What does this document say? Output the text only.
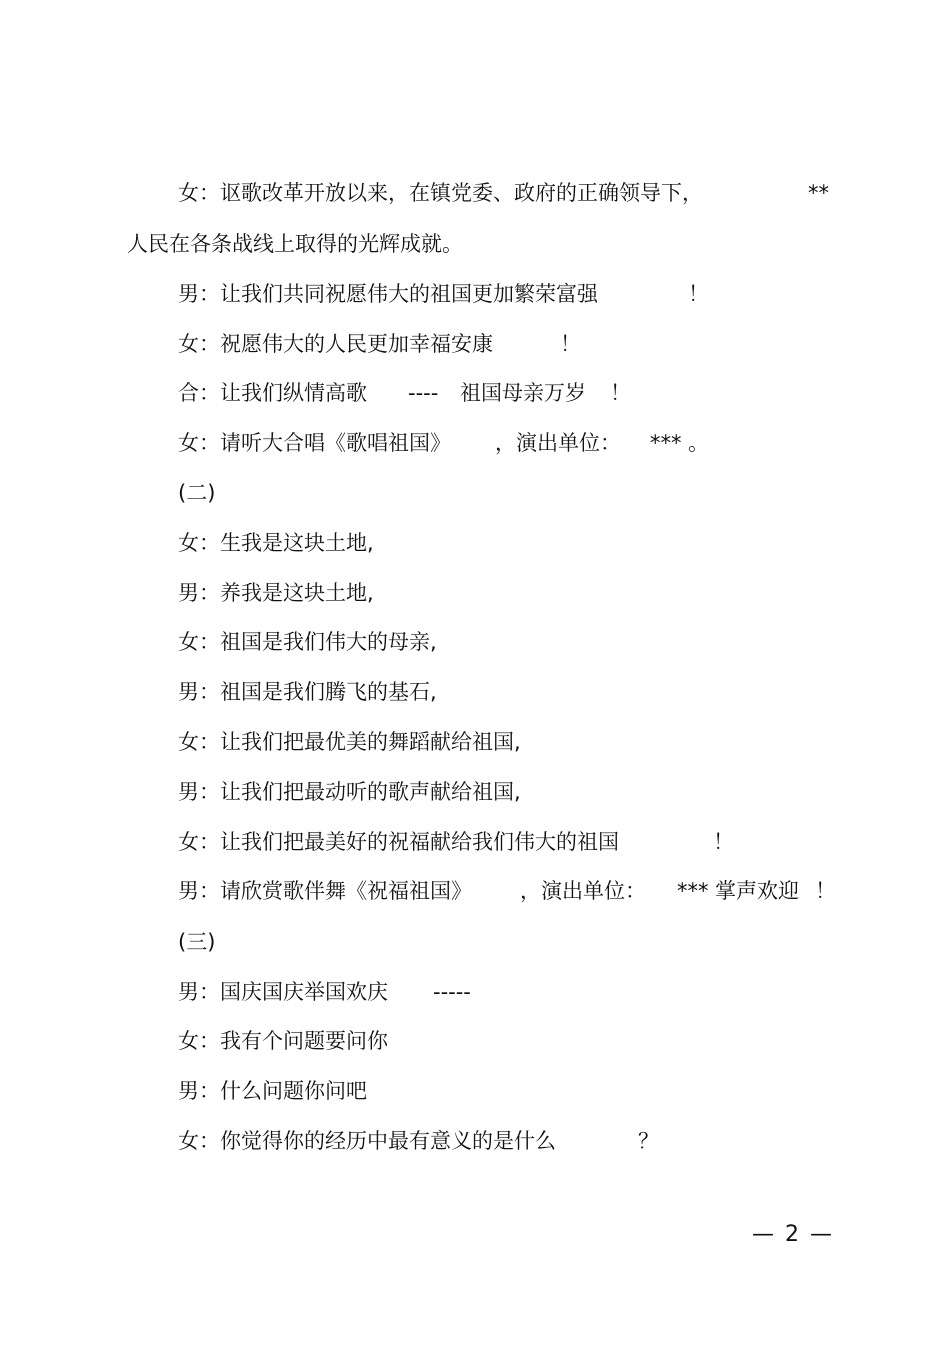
女：讴歌改革开放以来，在镇党委、政府的正确领导下，	**
人民在各条战线上取得的光辉成就。
男：让我们共同祝愿伟大的祖国更加繁荣富强	！
女：祝愿伟大的人民更加幸福安康	！
合：让我们纵情高歌 ---- 祖国母亲万岁 ！
女：请听大合唱《歌唱祖国》 ，演出单位： *** 。
(二)
女：生我是这块土地,
男：养我是这块土地,
女：祖国是我们伟大的母亲,
男：祖国是我们腾飞的基石,
女：让我们把最优美的舞蹈献给祖国,
男：让我们把最动听的歌声献给祖国,
女：让我们把最美好的祝福献给我们伟大的祖国	！
男：请欣赏歌伴舞《祝福祖国》 ，演出单位： *** 掌声欢迎 ！
(三)
男：国庆国庆举国欢庆 -----
女：我有个问题要问你
男：什么问题你问吧
女：你觉得你的经历中最有意义的是什么	？
— 2 —
